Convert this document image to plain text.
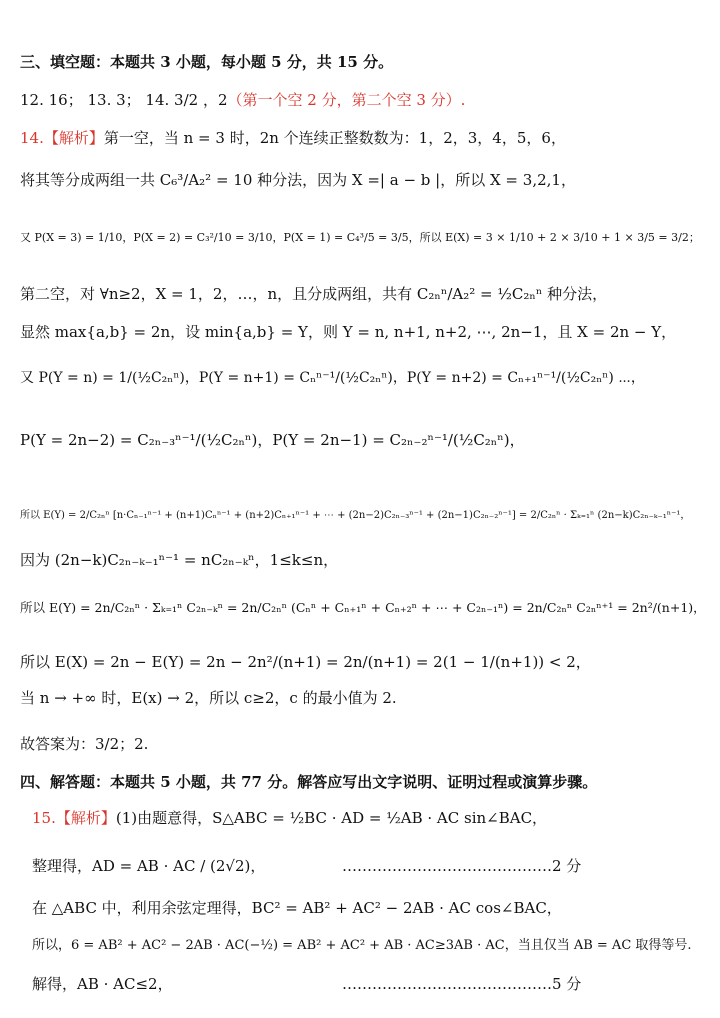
三、填空题：本题共 3 小题，每小题 5 分，共 15 分。
12. 16； 13. 3； 14. 3/2 ，2（第一个空 2 分，第二个空 3 分）.
14.【解析】第一空，当 n = 3 时，2n 个连续正整数数为：1，2，3，4，5，6，
将其等分成两组一共 C₆³/A₂² = 10 种分法，因为 X =| a − b |，所以 X = 3,2,1，
又 P(X = 3) = 1/10，P(X = 2) = C₃²/10 = 3/10，P(X = 1) = C₄³/5 = 3/5，所以 E(X) = 3 × 1/10 + 2 × 3/10 + 1 × 3/5 = 3/2；
第二空，对 ∀n≥2，X = 1，2，…，n，且分成两组，共有 C₂ₙⁿ/A₂² = ½C₂ₙⁿ 种分法，
显然 max{a,b} = 2n，设 min{a,b} = Y，则 Y = n, n+1, n+2, ⋯, 2n−1，且 X = 2n − Y，
又 P(Y = n) = 1/(½C₂ₙⁿ)，P(Y = n+1) = Cₙⁿ⁻¹/(½C₂ₙⁿ)，P(Y = n+2) = Cₙ₊₁ⁿ⁻¹/(½C₂ₙⁿ) ⋯，
P(Y = 2n−2) = C₂ₙ₋₃ⁿ⁻¹/(½C₂ₙⁿ)，P(Y = 2n−1) = C₂ₙ₋₂ⁿ⁻¹/(½C₂ₙⁿ)，
所以 E(Y) = 2/C₂ₙⁿ [n·Cₙ₋₁ⁿ⁻¹ + (n+1)Cₙⁿ⁻¹ + (n+2)Cₙ₊₁ⁿ⁻¹ + ⋯ + (2n−2)C₂ₙ₋₃ⁿ⁻¹ + (2n−1)C₂ₙ₋₂ⁿ⁻¹] = 2/C₂ₙⁿ · Σₖ₌₁ⁿ (2n−k)C₂ₙ₋ₖ₋₁ⁿ⁻¹，
因为 (2n−k)C₂ₙ₋ₖ₋₁ⁿ⁻¹ = nC₂ₙ₋ₖⁿ，1≤k≤n，
所以 E(Y) = 2n/C₂ₙⁿ · Σₖ₌₁ⁿ C₂ₙ₋ₖⁿ = 2n/C₂ₙⁿ (Cₙⁿ + Cₙ₊₁ⁿ + Cₙ₊₂ⁿ + ⋯ + C₂ₙ₋₁ⁿ) = 2n/C₂ₙⁿ C₂ₙⁿ⁺¹ = 2n²/(n+1)，
所以 E(X) = 2n − E(Y) = 2n − 2n²/(n+1) = 2n/(n+1) = 2(1 − 1/(n+1)) < 2，
当 n → +∞ 时，E(x) → 2，所以 c≥2，c 的最小值为 2.
故答案为：3/2；2.
四、解答题：本题共 5 小题，共 77 分。解答应写出文字说明、证明过程或演算步骤。
15.【解析】(1)由题意得，S△ABC = ½BC · AD = ½AB · AC sin∠BAC，
整理得，AD = AB · AC / (2√2)，	…………………………………… 2 分
在 △ABC 中，利用余弦定理得，BC² = AB² + AC² − 2AB · AC cos∠BAC，
所以，6 = AB² + AC² − 2AB · AC(−½) = AB² + AC² + AB · AC≥3AB · AC，当且仅当 AB = AC 取得等号.
解得，AB · AC≤2，	…………………………………… 5 分
